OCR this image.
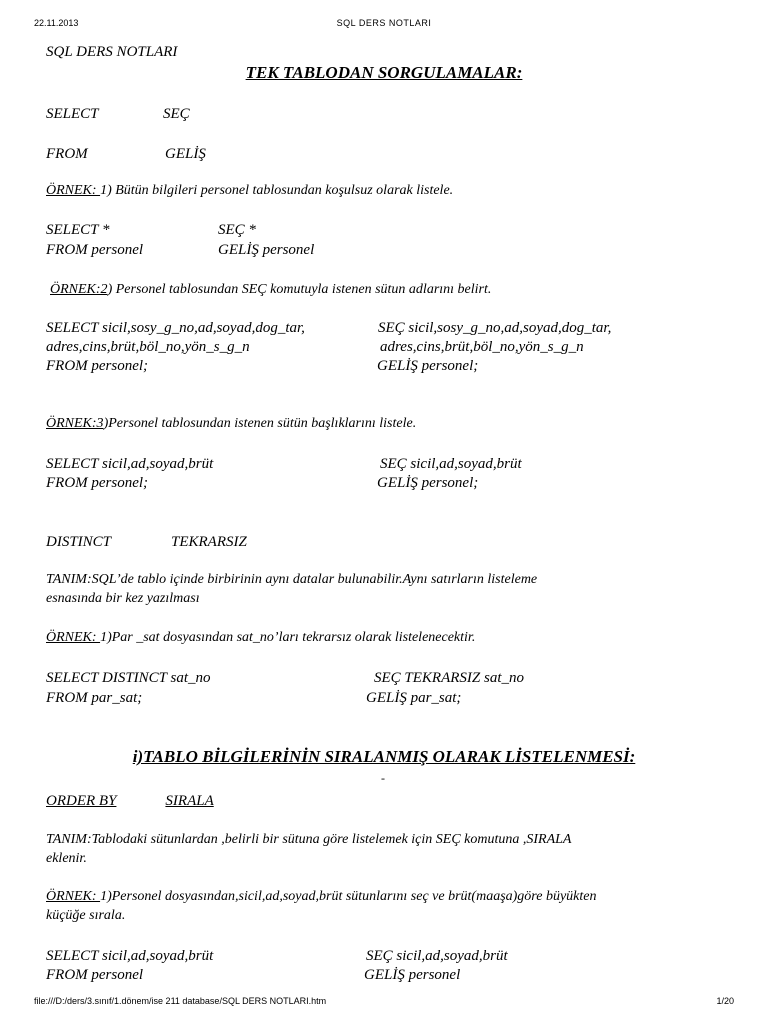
22.11.2013	SQL DERS NOTLARI
file:///D:/ders/3.sınıf/1.dönem/ise 211 database/SQL DERS NOTLARI.htm	1/20
SQL DERS NOTLARI
TEK TABLODAN SORGULAMALAR:
SELECT	SEÇ
FROM	GELİŞ
ÖRNEK: 1) Bütün bilgileri personel tablosundan koşulsuz olarak listele.
SELECT *	SEÇ *
FROM personel	GELİŞ personel
ÖRNEK:2) Personel tablosundan SEÇ komutuyla istenen sütun adlarını belirt.
SELECT sicil,sosy_g_no,ad,soyad,dog_tar,	SEÇ sicil,sosy_g_no,ad,soyad,dog_tar,
adres,cins,brüt,böl_no,yön_s_g_n	adres,cins,brüt,böl_no,yön_s_g_n
FROM personel;	GELİŞ personel;
ÖRNEK:3)Personel tablosundan istenen sütün başlıklarını listele.
SELECT sicil,ad,soyad,brüt	SEÇ sicil,ad,soyad,brüt
FROM personel;	GELİŞ personel;
DISTINCT	TEKRARSIZ
TANIM:SQL’de tablo içinde birbirinin aynı datalar bulunabilir.Aynı satırların listeleme
esnasında bir kez yazılması
ÖRNEK: 1)Par _sat dosyasından sat_no’ları tekrarsız olarak listelenecektir.
SELECT DISTINCT sat_no	SEÇ TEKRARSIZ sat_no
FROM par_sat;	GELİŞ par_sat;
i)TABLO BİLGİLERİNİN SIRALANMIŞ OLARAK LİSTELENMESİ:
-
ORDER BY	SIRALA
TANIM:Tablodaki sütunlardan ,belirli bir sütuna göre listelemek için SEÇ komutuna ,SIRALA
eklenir.
ÖRNEK: 1)Personel dosyasından,sicil,ad,soyad,brüt sütunlarını seç ve brüt(maaşa)göre büyükten
küçüğe sırala.
SELECT sicil,ad,soyad,brüt	SEÇ sicil,ad,soyad,brüt
FROM personel	GELİŞ personel
